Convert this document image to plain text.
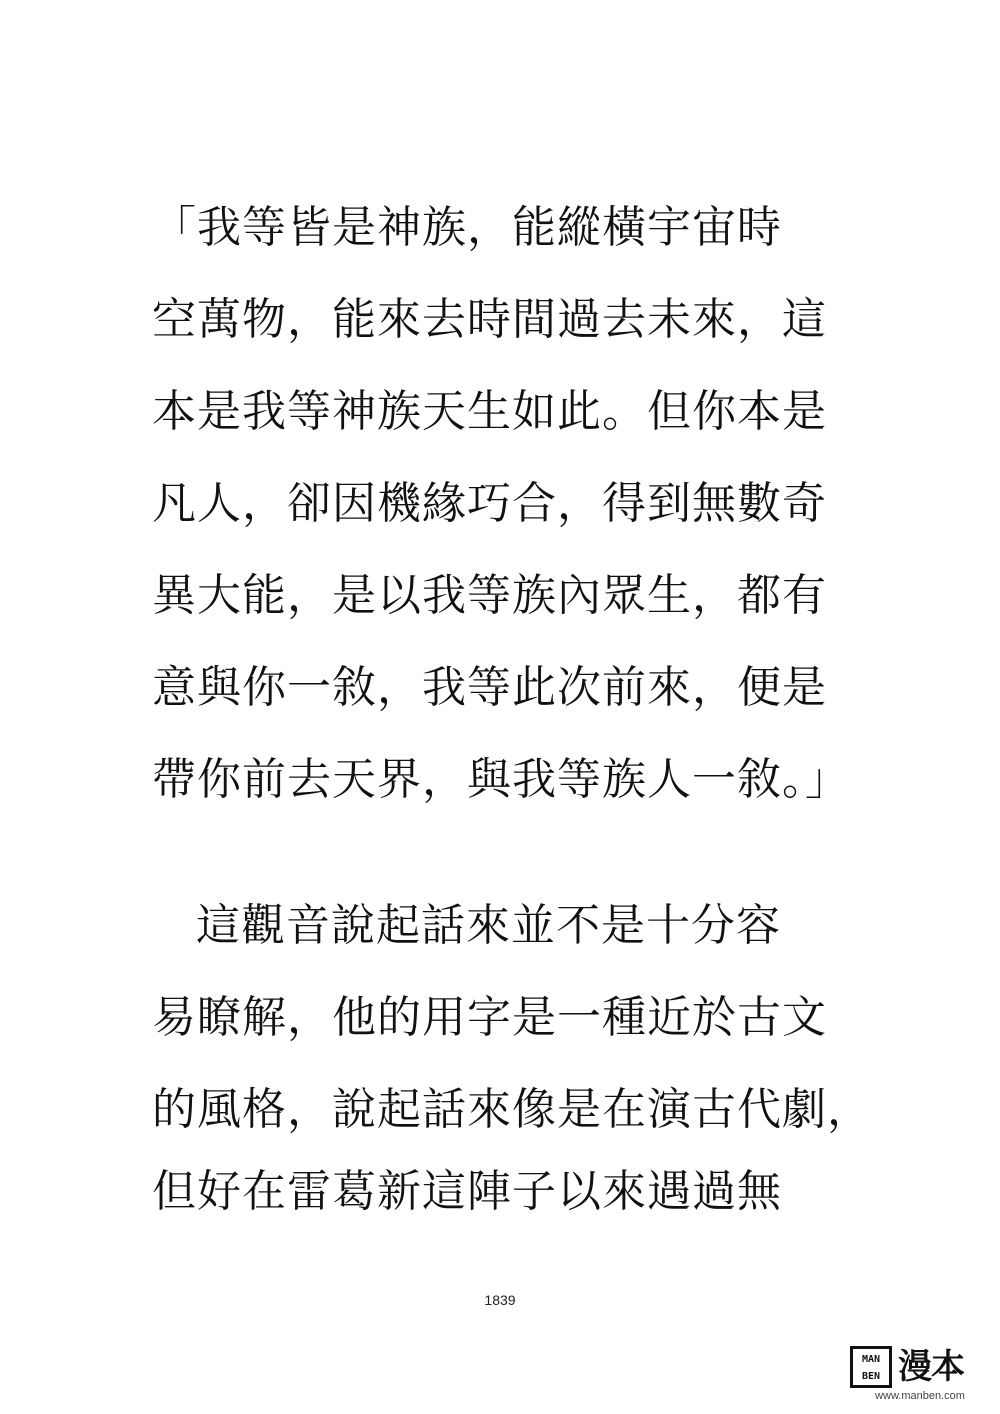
「我等皆是神族，能縱橫宇宙時
空萬物，能來去時間過去未來，這
本是我等神族天生如此。但你本是
凡人，卻因機緣巧合，得到無數奇
異大能，是以我等族內眾生，都有
意與你一敘，我等此次前來，便是
帶你前去天界，與我等族人一敘。」
這觀音說起話來並不是十分容
易瞭解，他的用字是一種近於古文
的風格，說起話來像是在演古代劇，
但好在雷葛新這陣子以來遇過無
1839
MAN
BEN 漫本
www.manben.com
